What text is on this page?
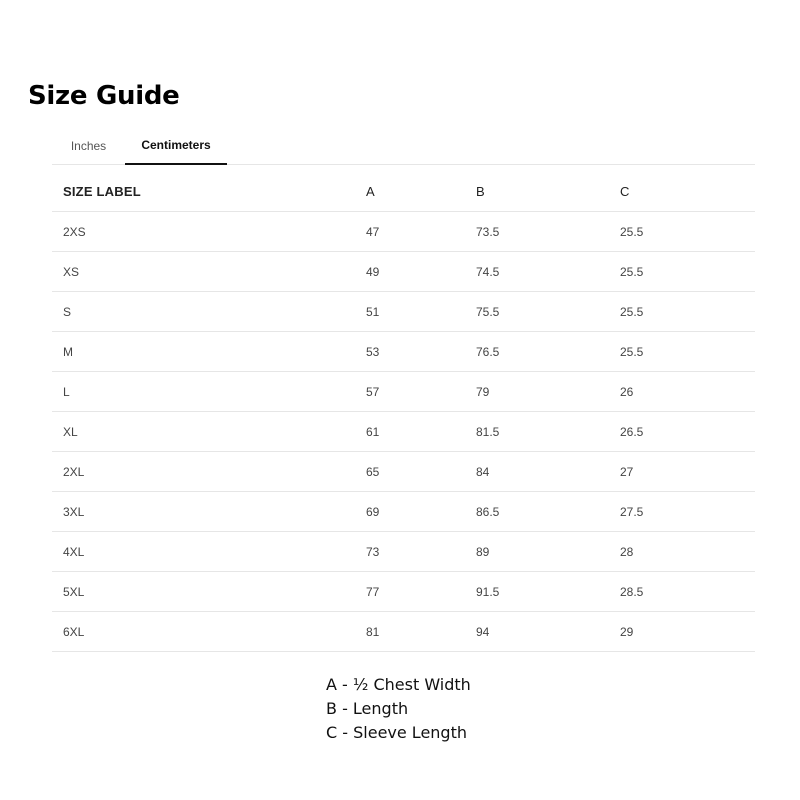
Size Guide
Inches	Centimeters
SIZE LABEL	A	B	C
2XS	47	73.5	25.5
XS	49	74.5	25.5
S	51	75.5	25.5
M	53	76.5	25.5
L	57	79	26
XL	61	81.5	26.5
2XL	65	84	27
3XL	69	86.5	27.5
4XL	73	89	28
5XL	77	91.5	28.5
6XL	81	94	29
A - ½ Chest Width
B - Length
C - Sleeve Length
